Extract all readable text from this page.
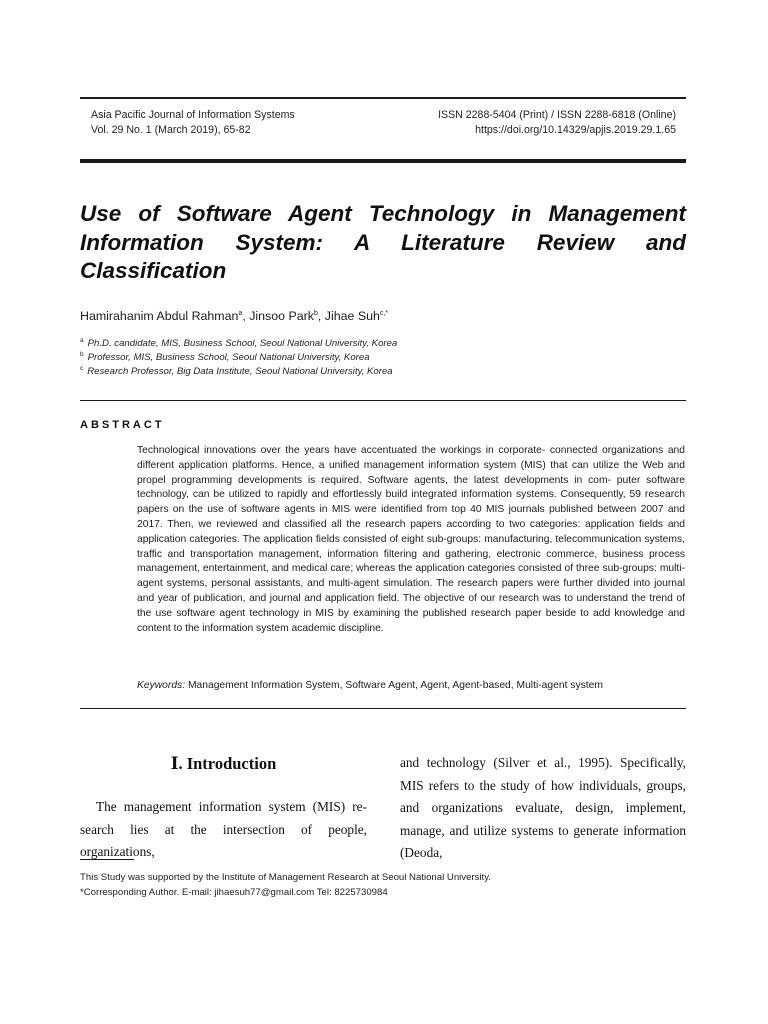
Asia Pacific Journal of Information Systems
Vol. 29 No. 1 (March 2019), 65-82
ISSN 2288-5404 (Print) / ISSN 2288-6818 (Online)
https://doi.org/10.14329/apjis.2019.29.1.65
Use of Software Agent Technology in Management Information System: A Literature Review and Classification
Hamirahanim Abdul Rahman$^a$, Jinsoo Park$^b$, Jihae Suh$^{c,*}$
$^a$ Ph.D. candidate, MIS, Business School, Seoul National University, Korea
$^b$ Professor, MIS, Business School, Seoul National University, Korea
$^c$ Research Professor, Big Data Institute, Seoul National University, Korea
ABSTRACT

Technological innovations over the years have accentuated the workings in corporate- connected organizations and different application platforms. Hence, a unified management information system (MIS) that can utilize the Web and propel programming developments is required. Software agents, the latest developments in com- puter software technology, can be utilized to rapidly and effortlessly build integrated information systems. Consequently, 59 research papers on the use of software agents in MIS were identified from top 40 MIS journals published between 2007 and 2017. Then, we reviewed and classified all the research papers according to two categories: application fields and application categories. The application fields consisted of eight sub-groups: manufacturing, telecommunication systems, traffic and transportation management, information filtering and gathering, electronic commerce, business process management, entertainment, and medical care; whereas the application categories consisted of three sub-groups: multi-agent systems, personal assistants, and multi-agent simulation. The research papers were further divided into journal and year of publication, and journal and application field. The objective of our research was to understand the trend of the use software agent technology in MIS by examining the published research paper beside to add knowledge and content to the information system academic discipline.

Keywords: Management Information System, Software Agent, Agent, Agent-based, Multi-agent system
Ⅰ. Introduction
The management information system (MIS) re- search lies at the intersection of people, organizations,
and technology (Silver et al., 1995). Specifically, MIS refers to the study of how individuals, groups, and organizations evaluate, design, implement, manage, and utilize systems to generate information (Deoda,
This Study was supported by the Institute of Management Research at Seoul National University.
*Corresponding Author. E-mail: jihaesuh77@gmail.com Tel: 8225730984
